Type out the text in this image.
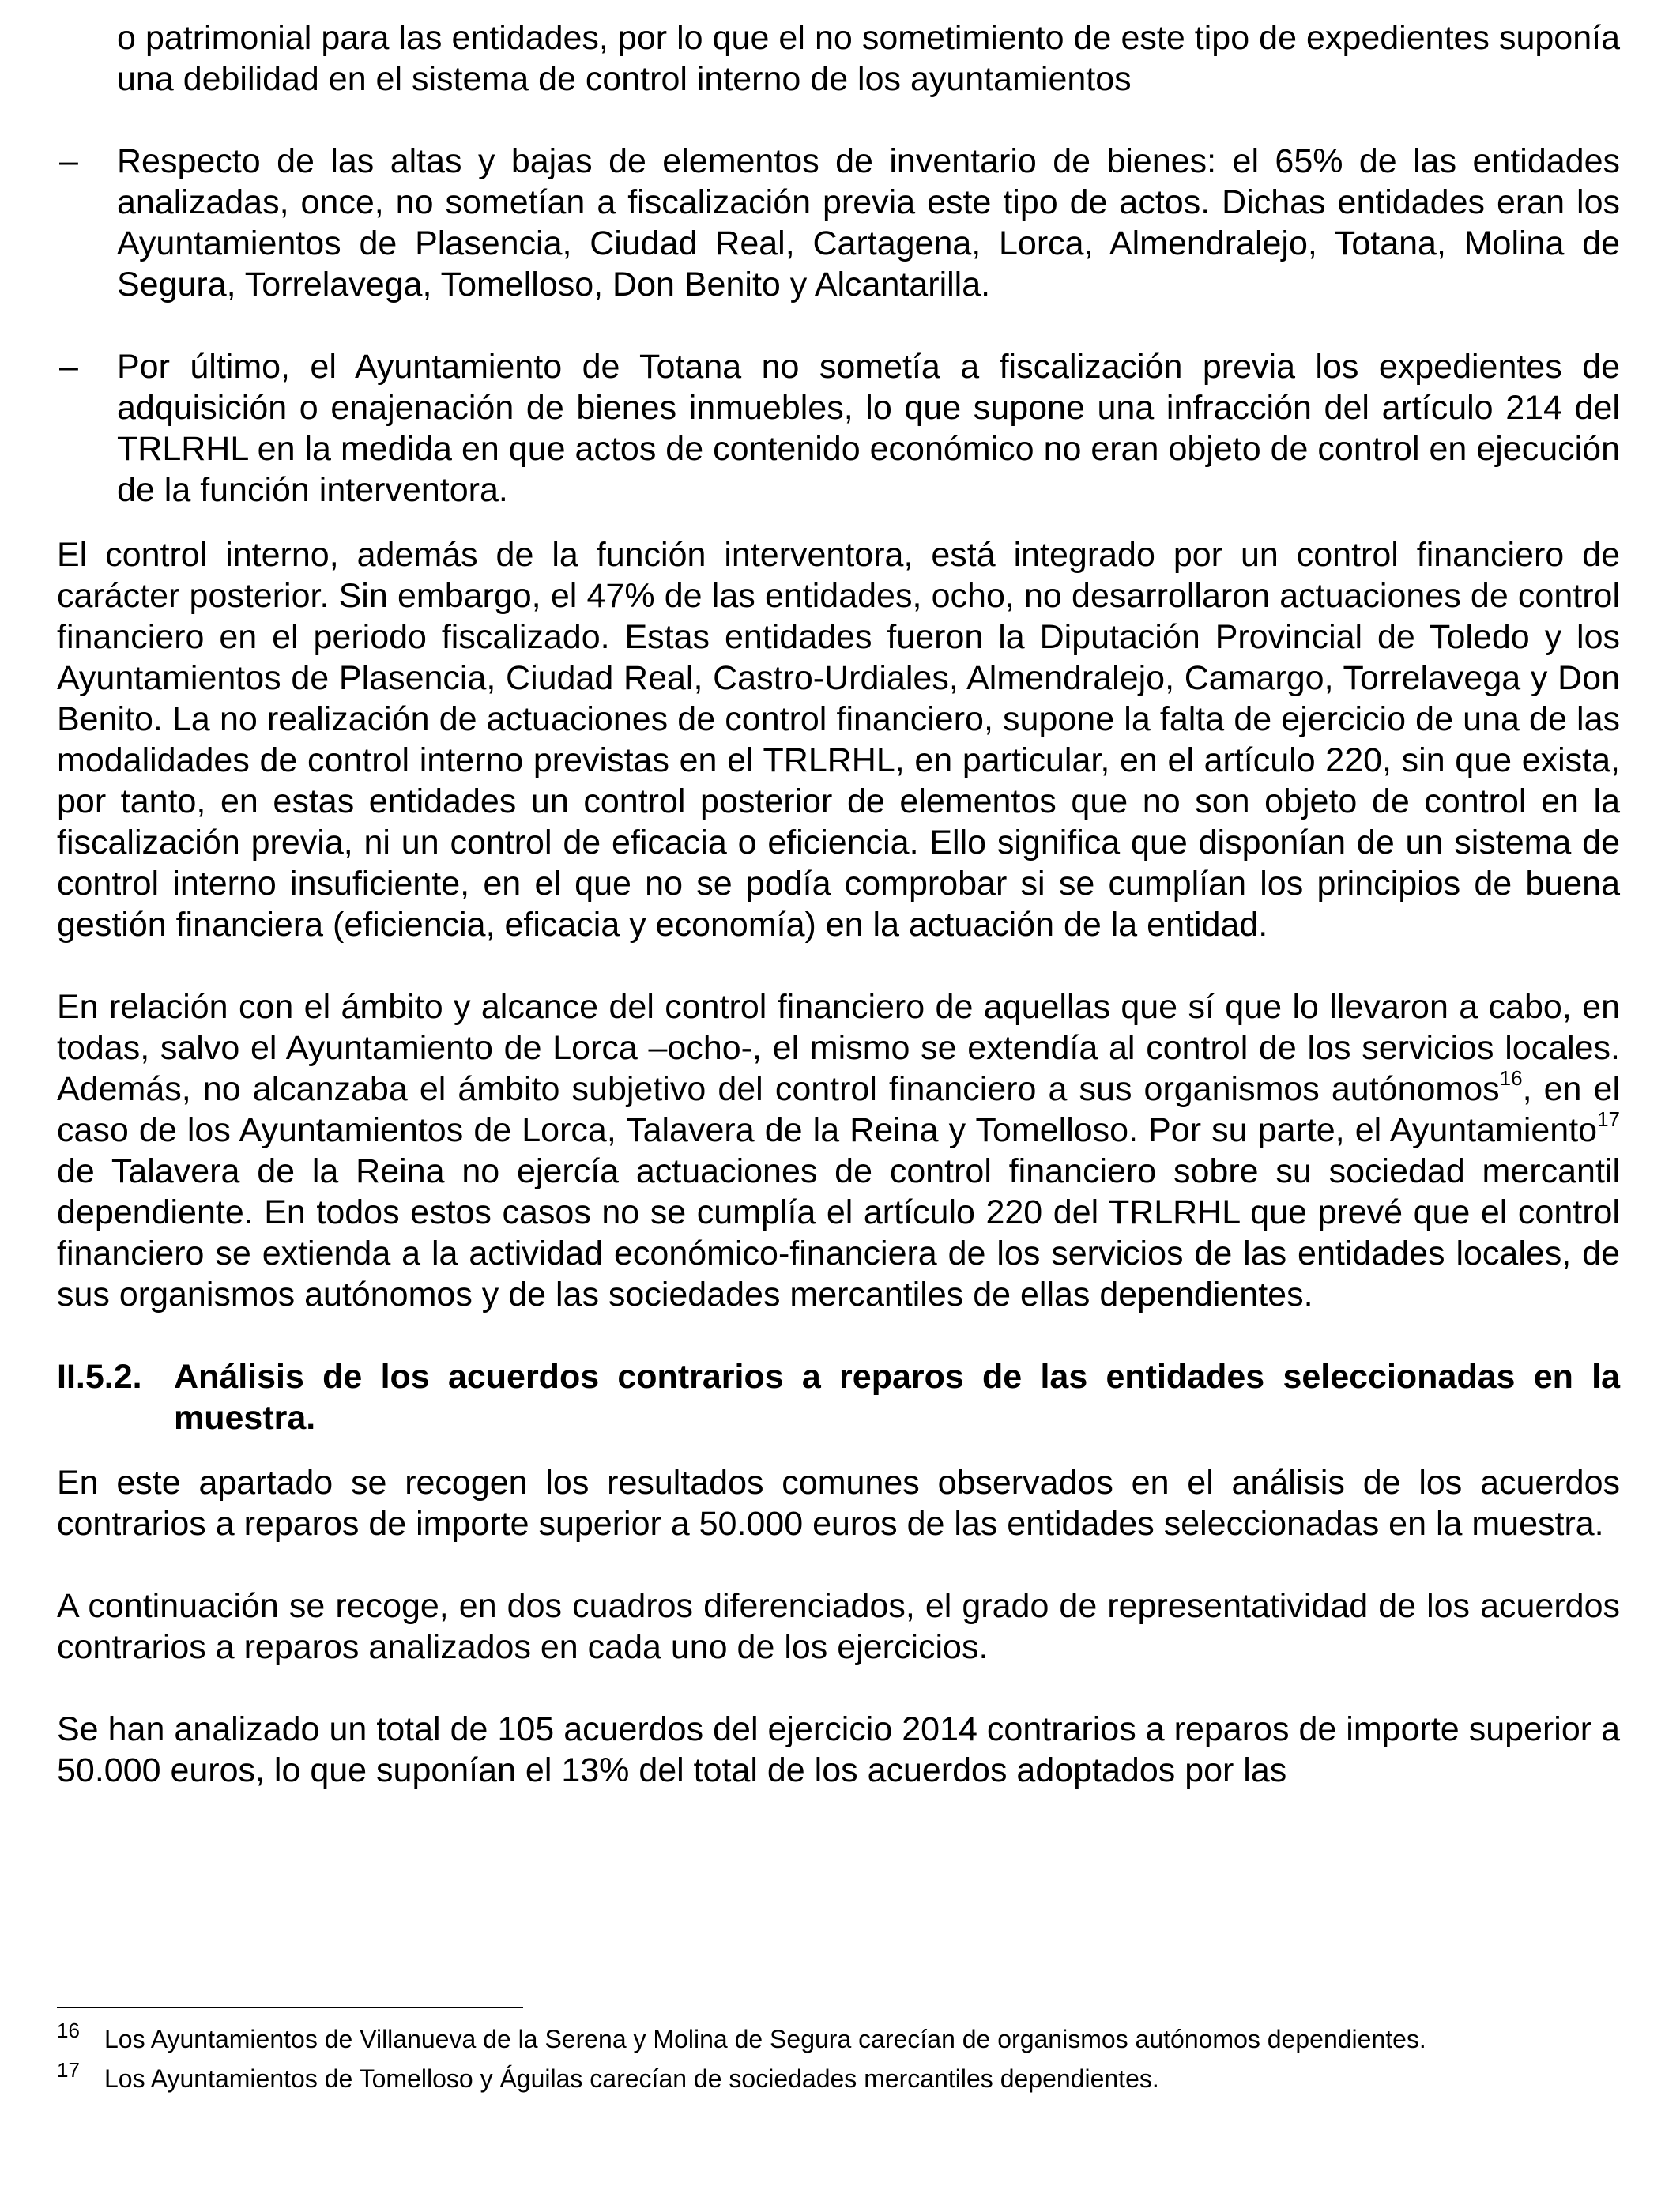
o patrimonial para las entidades, por lo que el no sometimiento de este tipo de expedientes suponía una debilidad en el sistema de control interno de los ayuntamientos

– Respecto de las altas y bajas de elementos de inventario de bienes: el 65% de las entidades analizadas, once, no sometían a fiscalización previa este tipo de actos. Dichas entidades eran los Ayuntamientos de Plasencia, Ciudad Real, Cartagena, Lorca, Almendralejo, Totana, Molina de Segura, Torrelavega, Tomelloso, Don Benito y Alcantarilla.
– Por último, el Ayuntamiento de Totana no sometía a fiscalización previa los expedientes de adquisición o enajenación de bienes inmuebles, lo que supone una infracción del artículo 214 del TRLRHL en la medida en que actos de contenido económico no eran objeto de control en ejecución de la función interventora.

El control interno, además de la función interventora, está integrado por un control financiero de carácter posterior. Sin embargo, el 47% de las entidades, ocho, no desarrollaron actuaciones de control financiero en el periodo fiscalizado. Estas entidades fueron la Diputación Provincial de Toledo y los Ayuntamientos de Plasencia, Ciudad Real, Castro-Urdiales, Almendralejo, Camargo, Torrelavega y Don Benito. La no realización de actuaciones de control financiero, supone la falta de ejercicio de una de las modalidades de control interno previstas en el TRLRHL, en particular, en el artículo 220, sin que exista, por tanto, en estas entidades un control posterior de elementos que no son objeto de control en la fiscalización previa, ni un control de eficacia o eficiencia. Ello significa que disponían de un sistema de control interno insuficiente, en el que no se podía comprobar si se cumplían los principios de buena gestión financiera (eficiencia, eficacia y economía) en la actuación de la entidad.

En relación con el ámbito y alcance del control financiero de aquellas que sí que lo llevaron a cabo, en todas, salvo el Ayuntamiento de Lorca –ocho-, el mismo se extendía al control de los servicios locales. Además, no alcanzaba el ámbito subjetivo del control financiero a sus organismos autónomos$^{16}$, en el caso de los Ayuntamientos de Lorca, Talavera de la Reina y Tomelloso. Por su parte, el Ayuntamiento$^{17}$ de Talavera de la Reina no ejercía actuaciones de control financiero sobre su sociedad mercantil dependiente. En todos estos casos no se cumplía el artículo 220 del TRLRHL que prevé que el control financiero se extienda a la actividad económico-financiera de los servicios de las entidades locales, de sus organismos autónomos y de las sociedades mercantiles de ellas dependientes.

II.5.2. Análisis de los acuerdos contrarios a reparos de las entidades seleccionadas en la muestra.

En este apartado se recogen los resultados comunes observados en el análisis de los acuerdos contrarios a reparos de importe superior a 50.000 euros de las entidades seleccionadas en la muestra.

A continuación se recoge, en dos cuadros diferenciados, el grado de representatividad de los acuerdos contrarios a reparos analizados en cada uno de los ejercicios.

Se han analizado un total de 105 acuerdos del ejercicio 2014 contrarios a reparos de importe superior a 50.000 euros, lo que suponían el 13% del total de los acuerdos adoptados por las

16 Los Ayuntamientos de Villanueva de la Serena y Molina de Segura carecían de organismos autónomos dependientes.
17 Los Ayuntamientos de Tomelloso y Águilas carecían de sociedades mercantiles dependientes.
